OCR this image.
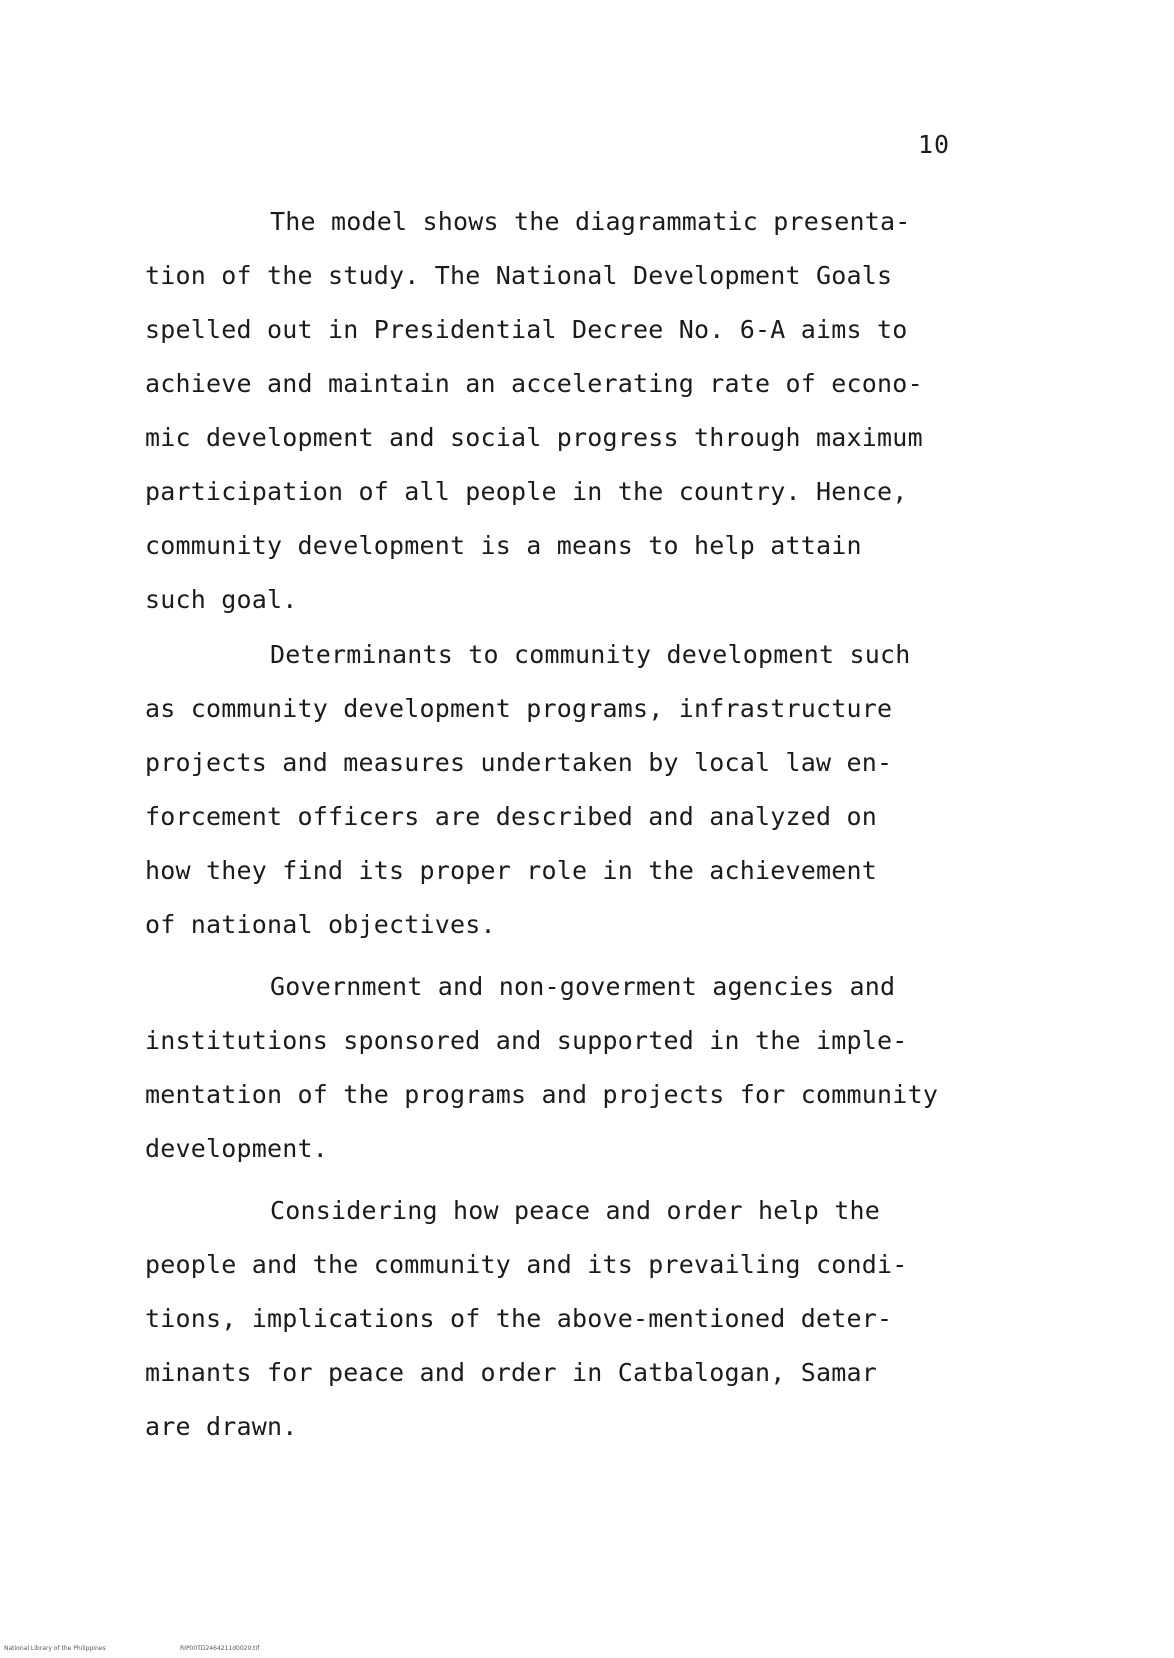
10

The model shows the diagrammatic presenta-
tion of the study. The National Development Goals
spelled out in Presidential Decree No. 6-A aims to
achieve and maintain an accelerating rate of econo-
mic development and social progress through maximum
participation of all people in the country. Hence,
community development is a means to help attain
such goal.

Determinants to community development such
as community development programs, infrastructure
projects and measures undertaken by local law en-
forcement officers are described and analyzed on
how they find its proper role in the achievement
of national objectives.

Government and non-goverment agencies and
institutions sponsored and supported in the imple-
mentation of the programs and projects for community
development.

Considering how peace and order help the
people and the community and its prevailing condi-
tions, implications of the above-mentioned deter-
minants for peace and order in Catbalogan, Samar
are drawn.

National Library of the Philippines	RIP00TD2464211d0020.tif
